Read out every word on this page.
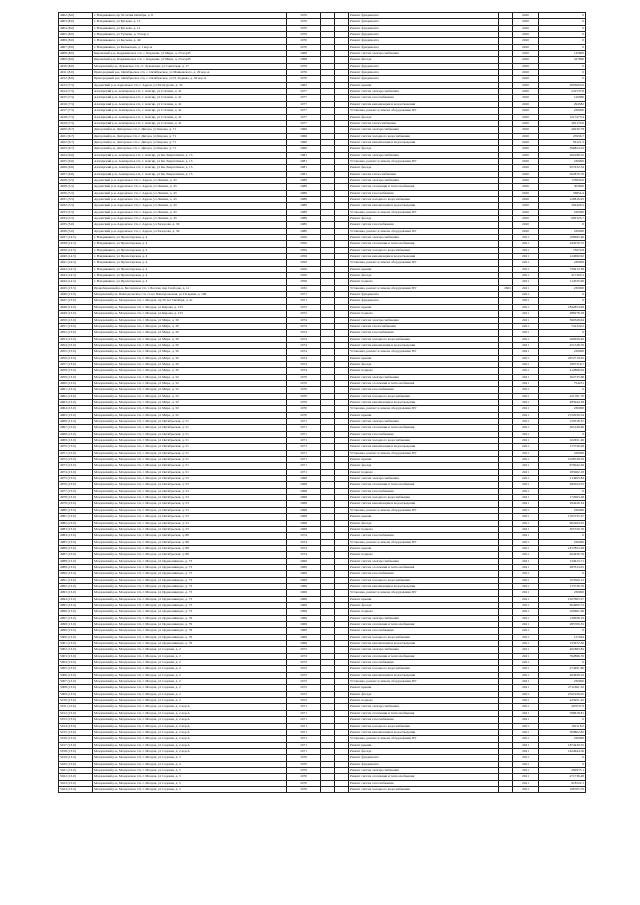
4902 (8.0)	г. Владикавказ, пр 50 летия Октября, д. 8	1970			Ремонт фундамента		2020	0
4903 (8.0)	г. Владикавказ, ул Бутаева, д. 13	1970			Ремонт фундамента		2020	0
4904 (8.0)	г. Владикавказ, ул Бутаева, д. 14	1970			Ремонт фундамента		2020	0
4905 (8.0)	г. Владикавказ, ул Гутиева, д. 53 кор.2	1970			Ремонт фундамента		2020	0
4906 (8.0)	г. Владикавказ, ул Кесаева, д. 49	1970			Ремонт фундамента		2020	0
4907 (8.0)	г. Владикавказ, ул Кальюхова, д. 1 кор.А	1970			Ремонт фундамента		2020	0
4908 (8.0)	Кировский р-н, Карджинское с/п, с. Карджин, ул Мира, д. 23 кор.В	1968			Ремонт систем электроснабжения		2020	145800
4909 (8.0)	Кировский р-н, Карджинское с/п, с. Карджин, ул Мира, д. 23 кор.В	1968			Ремонт фасада		2020	527806
4910 (8.0)	Моздокский р-н, Луковское с/п, ст. Луковская, ул Советская, д. 17	1970			Ремонт фундамента		2020	0
4911 (8.0)	Пригородный р-н, Октябрьское с/п, с. Октябрьское, ул Маяковского, д. 29 кор.А	1970			Ремонт фундамента		2020	0
4912 (8.0)	Пригородный р-н, Октябрьское с/п, с. Октябрьское, ул П. Тедеева, д. 36 кор.А	1970			Ремонт фундамента		2020	0
4913 (7.5)	Ардонский р-н, Ардонское г/п, г. Ардон, ул Хетагурова, д. 34	1962			Ремонт крыши		2020	2693605.6
4914 (7.5)	Алагирский р-н, Алагирское г/п, г. Алагир, ул Сталина, д. 41	1977			Ремонт систем электроснабжения		2020	241537.8
4915 (7.5)	Алагирский р-н, Алагирское г/п, г. Алагир, ул Сталина, д. 41	1977			Ремонт систем газоснабжения		2020	120960
4916 (7.5)	Алагирский р-н, Алагирское г/п, г. Алагир, ул Сталина, д. 41	1977			Ремонт систем канализации и водоотведения		2020	294582
4917 (7.5)	Алагирский р-н, Алагирское г/п, г. Алагир, ул Сталина, д. 41	1977			Установка, ремонт и замена оборудования ПУ		2020	230000
4918 (7.5)	Алагирский р-н, Алагирское г/п, г. Алагир, ул Сталина, д. 41	1977			Ремонт фасада		2020	1217273.4
4919 (7.5)	Алагирский р-н, Алагирское г/п, г. Алагир, ул Сталина, д. 41	1977			Ремонт систем теплоснабжения		2020	361179.6
4920 (6.7)	Дигорский р-н, Дигорское г/п, г. Дигора, ул Карова, д. 71	1966			Ремонт систем электроснабжения		2020	49230.78
4921 (6.7)	Дигорский р-н, Дигорское г/п, г. Дигора, ул Карова, д. 71	1966			Ремонт систем холодного водоснабжения		2020	23936.7
4922 (6.7)	Дигорский р-н, Дигорское г/п, г. Дигора, ул Карова, д. 71	1966			Ремонт систем канализации и водоотведения		2020	56121.3
4923 (6.7)	Дигорский р-н, Дигорское г/п, г. Дигора, ул Карова, д. 71	1966			Ремонт фасада		2020	396824.52
4924 (6.6)	Алагирский р-н, Алагирское г/п, г. Алагир, ул Кв.Энергетиков, д. 15	1981			Ремонт систем электроснабжения		2020	260188.52
4925 (6.6)	Алагирский р-н, Алагирское г/п, г. Алагир, ул Кв.Энергетиков, д. 15	1981			Установка, ремонт и замена оборудования ПУ		2020	230000
4926 (6.6)	Алагирский р-н, Алагирское г/п, г. Алагир, ул Кв.Энергетиков, д. 15	1981			Ремонт фасада		2020	957432.54
4927 (6.6)	Алагирский р-н, Алагирское г/п, г. Алагир, ул Кв.Энергетиков, д. 15	1981			Ремонт систем теплоснабжения		2020	262879.76
4928 (5.5)	Ардонский р-н, Ардонское г/п, г. Ардон, ул Ленина, д. 43	1989			Ремонт систем электроснабжения		2020	176830.6
4929 (5.5)	Ардонский р-н, Ардонское г/п, г. Ардон, ул Ленина, д. 43	1989			Ремонт систем отопления и теплоснабжения		2020	303600
4930 (5.5)	Ардонский р-н, Ардонское г/п, г. Ардон, ул Ленина, д. 43	1989			Ремонт систем газоснабжения		2020	56854.4
4931 (5.5)	Ардонский р-н, Ардонское г/п, г. Ардон, ул Ленина, д. 43	1989			Ремонт систем холодного водоснабжения		2020	120816.95
4932 (5.5)	Ардонский р-н, Ардонское г/п, г. Ардон, ул Ленина, д. 43	1989			Ремонт систем канализации и водоотведения		2020	304406.5
4933 (5.5)	Ардонский р-н, Ардонское г/п, г. Ардон, ул Ленина, д. 43	1989			Установка, ремонт и замена оборудования ПУ		2020	230000
4934 (5.5)	Ардонский р-н, Ардонское г/п, г. Ардон, ул Ленина, д. 43	1989			Ремонт фасада		2020	682325.7
4935 (5.0)	Ардонский р-н, Ардонское г/п, г. Ардон, ул Хазорова, д. 36	1980			Ремонт систем газоснабжения		2020	0
4936 (5.0)	Ардонский р-н, Ардонское г/п, г. Ардон, ул Хазорова, д. 36	1980			Установка, ремонт и замена оборудования ПУ		2020	230000
4937 (14.5)	г. Владикавказ, ул Пролетарская, д. 4	1956			Ремонт систем электроснабжения		2021	108695.46
4938 (14.5)	г. Владикавказ, ул Пролетарская, д. 4	1956			Ремонт систем отопления и теплоснабжения		2021	245070.72
4939 (14.5)	г. Владикавказ, ул Пролетарская, д. 4	1956			Ремонт систем холодного водоснабжения		2021	73679.8
4940 (14.5)	г. Владикавказ, ул Пролетарская, д. 4	1956			Ремонт систем канализации и водоотведения		2021	124690.92
4941 (14.5)	г. Владикавказ, ул Пролетарская, д. 4	1956			Установка, ремонт и замена оборудования ПУ		2021	230000
4942 (14.5)	г. Владикавказ, ул Пролетарская, д. 4	1956			Ремонт крыши		2021	739413.38
4943 (14.5)	г. Владикавказ, ул Пролетарская, д. 4	1956			Ремонт фасада		2021	417303.3
4944 (14.5)	г. Владикавказ, ул Пролетарская, д. 4	1956			Ремонт подвала		2021	114535.96
4945 (13.5)	Правобережный р-н, Бесланское г/п, г. Беслан, пер Свободы, д. 11	1932			Установка, ремонт и замена оборудования ПУ	2601	2021	230000
4946 (13.0)	Моздокский р-н, Павлодольское с/п, ст-ца Павлодольская, ул Гагарина, д. 199	1971			Ремонт фундамента		2021	0
4947 (13.0)	Моздокский р-н, Моздокское г/п, г. Моздок, пр 50 лет Октября, д. 41	1971			Ремонт фундамента		2021	0
4948 (13.0)	Моздокский р-н, Моздокское г/п, г. Моздок, ул Кирова, д. 153	1972			Ремонт крыши		2021	1842854.09
4949 (13.0)	Моздокский р-н, Моздокское г/п, г. Моздок, ул Кирова, д. 153	1972			Ремонт подвала		2021	288278.18
4950 (13.0)	Моздокский р-н, Моздокское г/п, г. Моздок, ул Мира, д. 30	1974			Ремонт систем электроснабжения		2021	390528.64
4951 (13.0)	Моздокский р-н, Моздокское г/п, г. Моздок, ул Мира, д. 30	1974			Ремонт систем теплоснабжения		2021	741329.2
4952 (13.0)	Моздокский р-н, Моздокское г/п, г. Моздок, ул Мира, д. 30	1974			Ремонт систем газоснабжения		2021	0
4953 (13.0)	Моздокский р-н, Моздокское г/п, г. Моздок, ул Мира, д. 30	1974			Ремонт систем холодного водоснабжения		2021	266958.46
4954 (13.0)	Моздокский р-н, Моздокское г/п, г. Моздок, ул Мира, д. 30	1974			Ремонт систем канализации и водоотведения		2021	451548.76
4955 (13.0)	Моздокский р-н, Моздокское г/п, г. Моздок, ул Мира, д. 30	1974			Установка, ремонт и замена оборудования ПУ		2021	230000
4956 (13.0)	Моздокский р-н, Моздокское г/п, г. Моздок, ул Мира, д. 30	1974			Ремонт крыши		2021	2672719.02
4957 (13.0)	Моздокский р-н, Моздокское г/п, г. Моздок, ул Мира, д. 30	1974			Ремонт фасада		2021	1907316.7
4958 (13.0)	Моздокский р-н, Моздокское г/п, г. Моздок, ул Мира, д. 30	1974			Ремонт подвала		2021	412898.04
4959 (13.0)	Моздокский р-н, Моздокское г/п, г. Моздок, ул Мира, д. 32	1970			Ремонт систем электроснабжения		2021	292735.68
4960 (13.0)	Моздокский р-н, Моздокское г/п, г. Моздок, ул Мира, д. 32	1970			Ремонт систем отопления и теплоснабжения		2021	754231
4961 (13.0)	Моздокский р-н, Моздокское г/п, г. Моздок, ул Мира, д. 32	1970			Ремонт систем газоснабжения		2021	0
4962 (13.0)	Моздокский р-н, Моздокское г/п, г. Моздок, ул Мира, д. 32	1970			Ремонт систем холодного водоснабжения		2021	221781.76
4963 (13.0)	Моздокский р-н, Моздокское г/п, г. Моздок, ул Мира, д. 32	1970			Ремонт систем канализации и водоотведения		2021	485944.38
4964 (13.0)	Моздокский р-н, Моздокское г/п, г. Моздок, ул Мира, д. 32	1970			Установка, ремонт и замена оборудования ПУ		2021	230000
4965 (13.0)	Моздокский р-н, Моздокское г/п, г. Моздок, ул Мира, д. 32	1970			Ремонт крыши		2021	2722036.54
4966 (13.0)	Моздокский р-н, Моздокское г/п, г. Моздок, ул Октябрьская, д. 51	1971			Ремонт систем электроснабжения		2021	159518.37
4967 (13.0)	Моздокский р-н, Моздокское г/п, г. Моздок, ул Октябрьская, д. 51	1971			Ремонт систем отопления и теплоснабжения		2021	365148.69
4968 (13.0)	Моздокский р-н, Моздокское г/п, г. Моздок, ул Октябрьская, д. 51	1971			Ремонт систем газоснабжения		2021	0
4969 (13.0)	Моздокский р-н, Моздокское г/п, г. Моздок, ул Октябрьская, д. 51	1971			Ремонт систем холодного водоснабжения		2021	102651.49
4970 (13.0)	Моздокский р-н, Моздокское г/п, г. Моздок, ул Октябрьская, д. 51	1971			Ремонт систем канализации и водоотведения		2021	175726.28
4971 (13.0)	Моздокский р-н, Моздокское г/п, г. Моздок, ул Октябрьская, д. 51	1971			Установка, ремонт и замена оборудования ПУ		2021	230000
4972 (13.0)	Моздокский р-н, Моздокское г/п, г. Моздок, ул Октябрьская, д. 51	1971			Ремонт крыши		2021	1028728.59
4973 (13.0)	Моздокский р-н, Моздокское г/п, г. Моздок, ул Октябрьская, д. 51	1971			Ремонт фасада		2021	970042.26
4974 (13.0)	Моздокский р-н, Моздокское г/п, г. Моздок, ул Октябрьская, д. 51	1971			Ремонт подвала		2021	185062.18
4975 (13.0)	Моздокский р-н, Моздокское г/п, г. Моздок, ул Октябрьская, д. 53	1968			Ремонт систем электроснабжения		2021	214493.84
4976 (13.0)	Моздокский р-н, Моздокское г/п, г. Моздок, ул Октябрьская, д. 53	1968			Ремонт систем отопления и теплоснабжения		2021	482024.55
4977 (13.0)	Моздокский р-н, Моздокское г/п, г. Моздок, ул Октябрьская, д. 53	1968			Ремонт систем газоснабжения		2021	0
4978 (13.0)	Моздокский р-н, Моздокское г/п, г. Моздок, ул Октябрьская, д. 53	1968			Ремонт систем холодного водоснабжения		2021	172963.48
4979 (13.0)	Моздокский р-н, Моздокское г/п, г. Моздок, ул Октябрьская, д. 53	1968			Ремонт систем канализации и водоотведения		2021	294226.34
4980 (13.0)	Моздокский р-н, Моздокское г/п, г. Моздок, ул Октябрьская, д. 53	1968			Установка, ремонт и замена оборудования ПУ		2021	230000
4981 (13.0)	Моздокский р-н, Моздокское г/п, г. Моздок, ул Октябрьская, д. 53	1968			Ремонт крыши		2021	1765735.37
4982 (13.0)	Моздокский р-н, Моздокское г/п, г. Моздок, ул Октябрьская, д. 53	1968			Ремонт фасада		2021	902264.35
4983 (13.0)	Моздокский р-н, Моздокское г/п, г. Моздок, ул Октябрьская, д. 53	1968			Ремонт подвала		2021	305720.76
4984 (13.0)	Моздокский р-н, Моздокское г/п, г. Моздок, ул Октябрьская, д. 88	1974			Ремонт систем газоснабжения		2021	0
4985 (13.0)	Моздокский р-н, Моздокское г/п, г. Моздок, ул Октябрьская, д. 88	1974			Установка, ремонт и замена оборудования ПУ		2021	230000
4986 (13.0)	Моздокский р-н, Моздокское г/п, г. Моздок, ул Октябрьская, д. 88	1974			Ремонт крыши		2021	1817852.28
4987 (13.0)	Моздокский р-н, Моздокское г/п, г. Моздок, ул Октябрьская, д. 88	1974			Ремонт подвала		2021	204456.76
4988 (13.0)	Моздокский р-н, Моздокское г/п, г. Моздок, ул Орджоникидзе, д. 73	1969			Ремонт систем электроснабжения		2021	134613.71
4989 (13.0)	Моздокский р-н, Моздокское г/п, г. Моздок, ул Орджоникидзе, д. 73	1969			Ремонт систем отопления и теплоснабжения		2021	287614.05
4990 (13.0)	Моздокский р-н, Моздокское г/п, г. Моздок, ул Орджоникидзе, д. 73	1969			Ремонт систем газоснабжения		2021	0
4991 (13.0)	Моздокский р-н, Моздокское г/п, г. Моздок, ул Орджоникидзе, д. 73	1969			Ремонт систем холодного водоснабжения		2021	103560.12
4992 (13.0)	Моздокский р-н, Моздокское г/п, г. Моздок, ул Орджоникидзе, д. 73	1969			Ремонт систем канализации и водоотведения		2021	175736.79
4993 (13.0)	Моздокский р-н, Моздокское г/п, г. Моздок, ул Орджоникидзе, д. 73	1969			Установка, ремонт и замена оборудования ПУ		2021	230000
4994 (13.0)	Моздокский р-н, Моздокское г/п, г. Моздок, ул Орджоникидзе, д. 73	1969			Ремонт крыши		2021	1027605.37
4995 (13.0)	Моздокский р-н, Моздокское г/п, г. Моздок, ул Орджоникидзе, д. 73	1969			Ремонт фасада		2021	904900.72
4996 (13.0)	Моздокский р-н, Моздокское г/п, г. Моздок, ул Орджоникидзе, д. 73	1969			Ремонт подвала		2021	160661.96
4997 (13.0)	Моздокский р-н, Моздокское г/п, г. Моздок, ул Орджоникидзе, д. 79	1969			Ремонт систем электроснабжения		2021	136658.16
4998 (13.0)	Моздокский р-н, Моздокское г/п, г. Моздок, ул Орджоникидзе, д. 79	1969			Ремонт систем отопления и теплоснабжения		2021	285709.35
4999 (13.0)	Моздокский р-н, Моздокское г/п, г. Моздок, ул Орджоникидзе, д. 79	1969			Ремонт систем газоснабжения		2021	0
5000 (13.0)	Моздокский р-н, Моздокское г/п, г. Моздок, ул Орджоникидзе, д. 79	1969			Ремонт систем холодного водоснабжения		2021	127944
5001 (13.0)	Моздокский р-н, Моздокское г/п, г. Моздок, ул Орджоникидзе, д. 79	1969			Ремонт систем канализации и водоотведения		2021	155972.36
5002 (13.0)	Моздокский р-н, Моздокское г/п, г. Моздок, ул Садовая, д. 2	1972			Ремонт систем электроснабжения		2021	491883.84
5003 (13.0)	Моздокский р-н, Моздокское г/п, г. Моздок, ул Садовая, д. 2	1972			Ремонт систем отопления и теплоснабжения		2021	762896.76
5004 (13.0)	Моздокский р-н, Моздокское г/п, г. Моздок, ул Садовая, д. 2	1972			Ремонт систем газоснабжения		2021	0
5005 (13.0)	Моздокский р-н, Моздокское г/п, г. Моздок, ул Садовая, д. 2	1972			Ремонт систем холодного водоснабжения		2021	274491.86
5006 (13.0)	Моздокский р-н, Моздокское г/п, г. Моздок, ул Садовая, д. 2	1972			Ремонт систем канализации и водоотведения		2021	464658.19
5007 (13.0)	Моздокский р-н, Моздокское г/п, г. Моздок, ул Садовая, д. 2	1972			Установка, ремонт и замена оборудования ПУ		2021	230000
5008 (13.0)	Моздокский р-н, Моздокское г/п, г. Моздок, ул Садовая, д. 2	1972			Ремонт крыши		2021	2711661.32
5009 (13.0)	Моздокский р-н, Моздокское г/п, г. Моздок, ул Садовая, д. 2	1972			Ремонт фасада		2021	2551936.05
5010 (13.0)	Моздокский р-н, Моздокское г/п, г. Моздок, ул Садовая, д. 2	1972			Ремонт подвала		2021	425051.42
5011 (13.0)	Моздокский р-н, Моздокское г/п, г. Моздок, ул Садовая, д. 2 кор.А	1971			Ремонт систем электроснабжения		2021	267037.9
5012 (13.0)	Моздокский р-н, Моздокское г/п, г. Моздок, ул Садовая, д. 2 кор.А	1971			Ремонт систем отопления и теплоснабжения		2021	598618.81
5013 (13.0)	Моздокский р-н, Моздокское г/п, г. Моздок, ул Садовая, д. 2 кор.А	1971			Ремонт систем газоснабжения		2021	0
5014 (13.0)	Моздокский р-н, Моздокское г/п, г. Моздок, ул Садовая, д. 2 кор.А	1971			Ремонт систем холодного водоснабжения		2021	182118.2
5015 (13.0)	Моздокский р-н, Моздокское г/п, г. Моздок, ул Садовая, д. 2 кор.А	1971			Ремонт систем канализации и водоотведения		2021	309802.85
5016 (13.0)	Моздокский р-н, Моздокское г/п, г. Моздок, ул Садовая, д. 2 кор.А	1971			Установка, ремонт и замена оборудования ПУ		2021	230000
5017 (13.0)	Моздокский р-н, Моздокское г/п, г. Моздок, ул Садовая, д. 2 кор.А	1971			Ремонт крыши		2021	1874430.55
5018 (13.0)	Моздокский р-н, Моздокское г/п, г. Моздок, ул Садовая, д. 2 кор.А	1971			Ремонт фасада		2021	1624944.56
5019 (13.0)	Моздокский р-н, Моздокское г/п, г. Моздок, ул Садовая, д. 3	1970			Ремонт фундамента		2021	0
5020 (13.0)	Моздокский р-н, Моздокское г/п, г. Моздок, ул Садовая, д. 4	1970			Ремонт фундамента		2021	0
5021 (13.0)	Моздокский р-н, Моздокское г/п, г. Моздок, ул Садовая, д. 5	1970			Ремонт систем электроснабжения		2021	282975.1
5022 (13.0)	Моздокский р-н, Моздокское г/п, г. Моздок, ул Садовая, д. 5	1970			Ремонт систем отопления и теплоснабжения		2021	271736.48
5023 (13.0)	Моздокский р-н, Моздокское г/п, г. Моздок, ул Садовая, д. 5	1970			Ремонт систем газоснабжения		2021	918522.1
5024 (13.0)	Моздокский р-н, Моздокское г/п, г. Моздок, ул Садовая, д. 5	1970			Ремонт систем холодного водоснабжения		2021	196705.76
